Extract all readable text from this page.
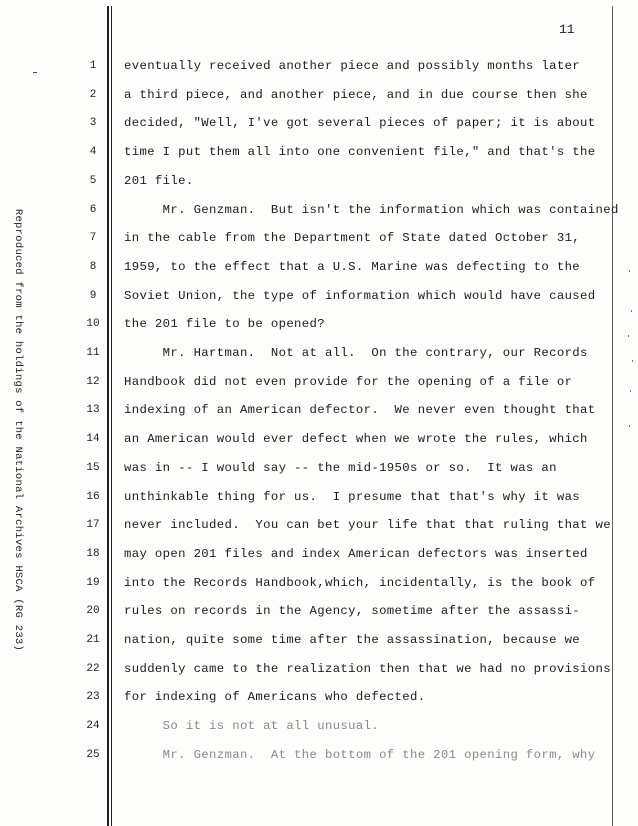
11
Reproduced from the holdings of the National Archives HSCA (RG 233)
1	eventually received another piece and possibly months later
2	a third piece, and another piece, and in due course then she
3	decided, "Well, I've got several pieces of paper; it is about
4	time I put them all into one convenient file," and that's the
5	201 file.
6	Mr. Genzman.  But isn't the information which was contained
7	in the cable from the Department of State dated October 31,
8	1959, to the effect that a U.S. Marine was defecting to the
9	Soviet Union, the type of information which would have caused
10	the 201 file to be opened?
11	Mr. Hartman.  Not at all.  On the contrary, our Records
12	Handbook did not even provide for the opening of a file or
13	indexing of an American defector.  We never even thought that
14	an American would ever defect when we wrote the rules, which
15	was in -- I would say -- the mid-1950s or so.  It was an
16	unthinkable thing for us.  I presume that that's why it was
17	never included.  You can bet your life that that ruling that we
18	may open 201 files and index American defectors was inserted
19	into the Records Handbook,which, incidentally, is the book of
20	rules on records in the Agency, sometime after the assassi-
21	nation, quite some time after the assassination, because we
22	suddenly came to the realization then that we had no provisions
23	for indexing of Americans who defected.
24	So it is not at all unusual.
25	Mr. Genzman.  At the bottom of the 201 opening form, why
